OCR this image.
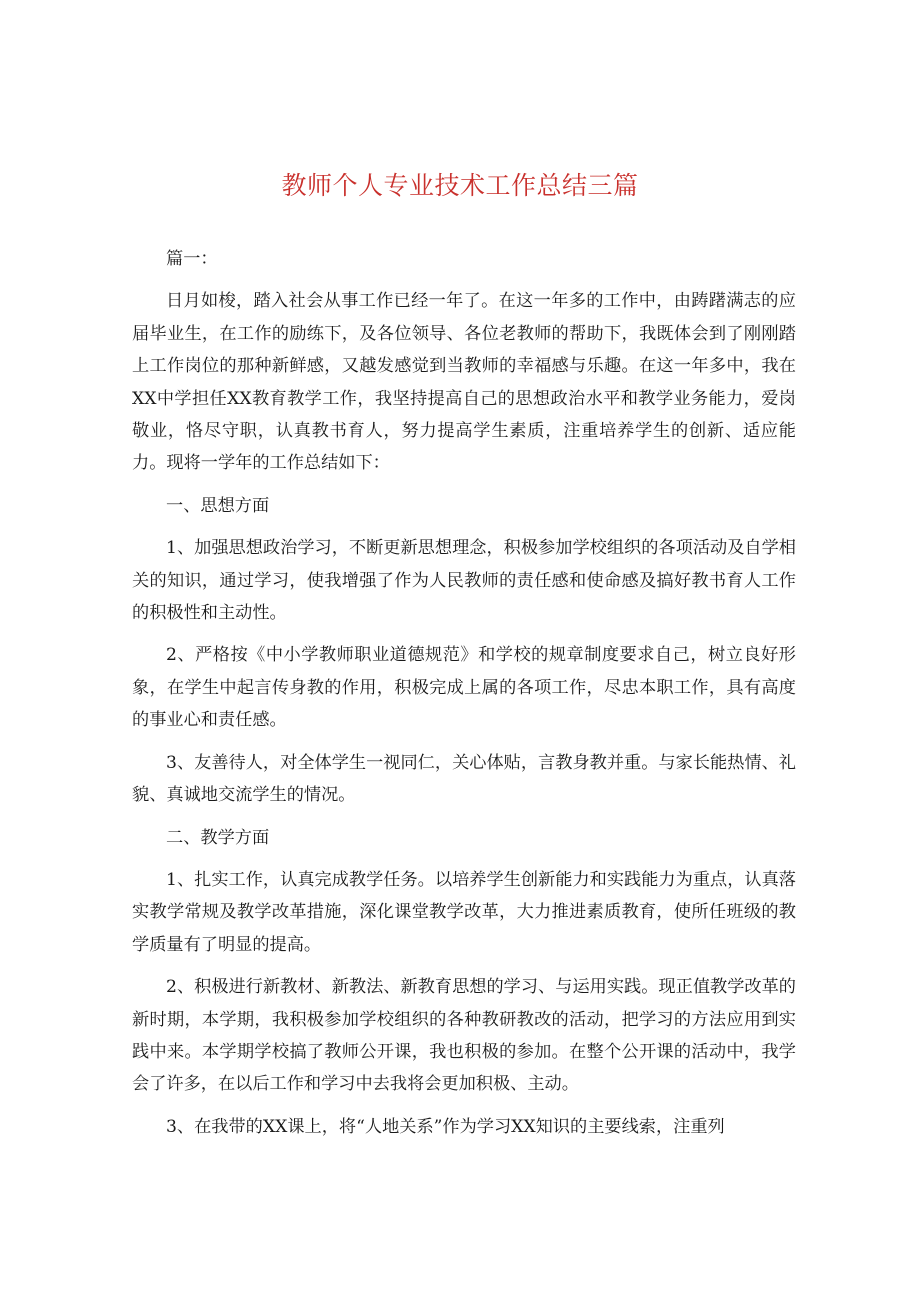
教师个人专业技术工作总结三篇

篇一：

日月如梭，踏入社会从事工作已经一年了。在这一年多的工作中，由踌躇满志的应届毕业生，在工作的励练下，及各位领导、各位老教师的帮助下，我既体会到了刚刚踏上工作岗位的那种新鲜感，又越发感觉到当教师的幸福感与乐趣。在这一年多中，我在XX中学担任XX教育教学工作，我坚持提高自己的思想政治水平和教学业务能力，爱岗敬业，恪尽守职，认真教书育人，努力提高学生素质，注重培养学生的创新、适应能力。现将一学年的工作总结如下：

一、思想方面

1、加强思想政治学习，不断更新思想理念，积极参加学校组织的各项活动及自学相关的知识，通过学习，使我增强了作为人民教师的责任感和使命感及搞好教书育人工作的积极性和主动性。

2、严格按《中小学教师职业道德规范》和学校的规章制度要求自己，树立良好形象，在学生中起言传身教的作用，积极完成上属的各项工作，尽忠本职工作，具有高度的事业心和责任感。

3、友善待人，对全体学生一视同仁，关心体贴，言教身教并重。与家长能热情、礼貌、真诚地交流学生的情况。

二、教学方面

1、扎实工作，认真完成教学任务。以培养学生创新能力和实践能力为重点，认真落实教学常规及教学改革措施，深化课堂教学改革，大力推进素质教育，使所任班级的教学质量有了明显的提高。

2、积极进行新教材、新教法、新教育思想的学习、与运用实践。现正值教学改革的新时期，本学期，我积极参加学校组织的各种教研教改的活动，把学习的方法应用到实践中来。本学期学校搞了教师公开课，我也积极的参加。在整个公开课的活动中，我学会了许多，在以后工作和学习中去我将会更加积极、主动。

3、在我带的XX课上，将“人地关系”作为学习XX知识的主要线索，注重列
